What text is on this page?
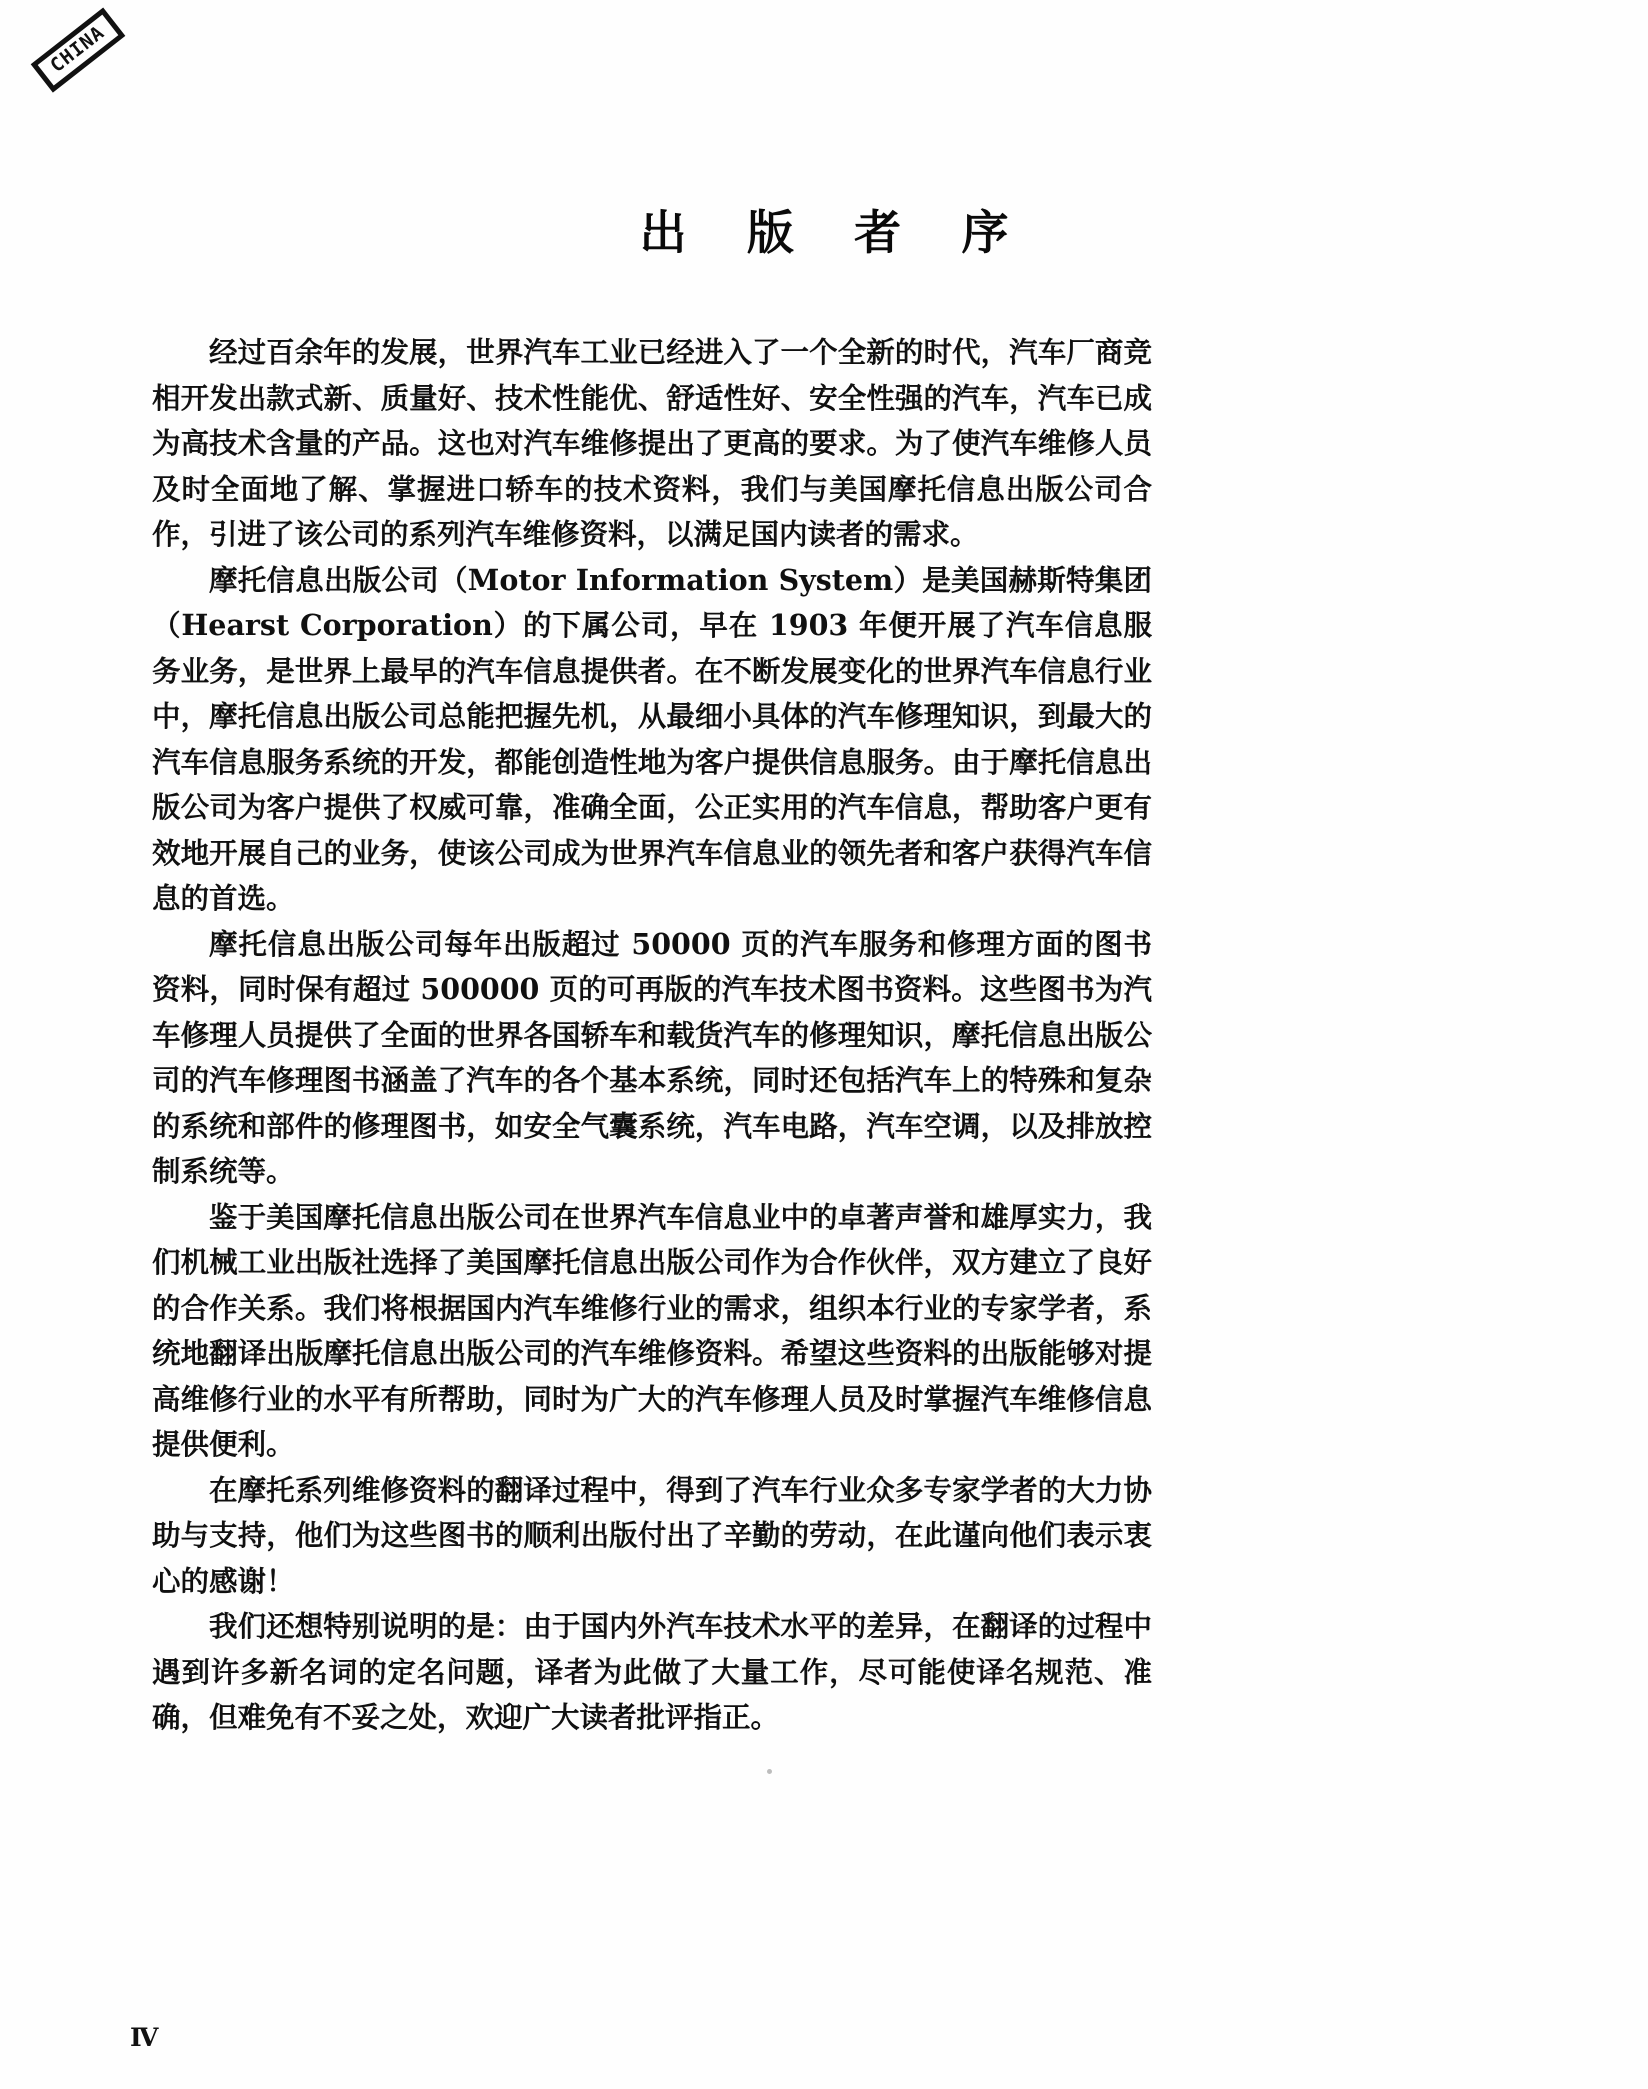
CHINA
出 版 者 序

经过百余年的发展，世界汽车工业已经进入了一个全新的时代，汽车厂商竞相开发出款式新、质量好、技术性能优、舒适性好、安全性强的汽车，汽车已成为高技术含量的产品。这也对汽车维修提出了更高的要求。为了使汽车维修人员及时全面地了解、掌握进口轿车的技术资料，我们与美国摩托信息出版公司合作，引进了该公司的系列汽车维修资料，以满足国内读者的需求。

摩托信息出版公司（Motor Information System）是美国赫斯特集团（Hearst Corporation）的下属公司，早在 1903 年便开展了汽车信息服务业务，是世界上最早的汽车信息提供者。在不断发展变化的世界汽车信息行业中，摩托信息出版公司总能把握先机，从最细小具体的汽车修理知识，到最大的汽车信息服务系统的开发，都能创造性地为客户提供信息服务。由于摩托信息出版公司为客户提供了权威可靠，准确全面，公正实用的汽车信息，帮助客户更有效地开展自己的业务，使该公司成为世界汽车信息业的领先者和客户获得汽车信息的首选。

摩托信息出版公司每年出版超过 50000 页的汽车服务和修理方面的图书资料，同时保有超过 500000 页的可再版的汽车技术图书资料。这些图书为汽车修理人员提供了全面的世界各国轿车和载货汽车的修理知识，摩托信息出版公司的汽车修理图书涵盖了汽车的各个基本系统，同时还包括汽车上的特殊和复杂的系统和部件的修理图书，如安全气囊系统，汽车电路，汽车空调，以及排放控制系统等。

鉴于美国摩托信息出版公司在世界汽车信息业中的卓著声誉和雄厚实力，我们机械工业出版社选择了美国摩托信息出版公司作为合作伙伴，双方建立了良好的合作关系。我们将根据国内汽车维修行业的需求，组织本行业的专家学者，系统地翻译出版摩托信息出版公司的汽车维修资料。希望这些资料的出版能够对提高维修行业的水平有所帮助，同时为广大的汽车修理人员及时掌握汽车维修信息提供便利。

在摩托系列维修资料的翻译过程中，得到了汽车行业众多专家学者的大力协助与支持，他们为这些图书的顺利出版付出了辛勤的劳动，在此谨向他们表示衷心的感谢！

我们还想特别说明的是：由于国内外汽车技术水平的差异，在翻译的过程中遇到许多新名词的定名问题，译者为此做了大量工作，尽可能使译名规范、准确，但难免有不妥之处，欢迎广大读者批评指正。

Ⅳ
